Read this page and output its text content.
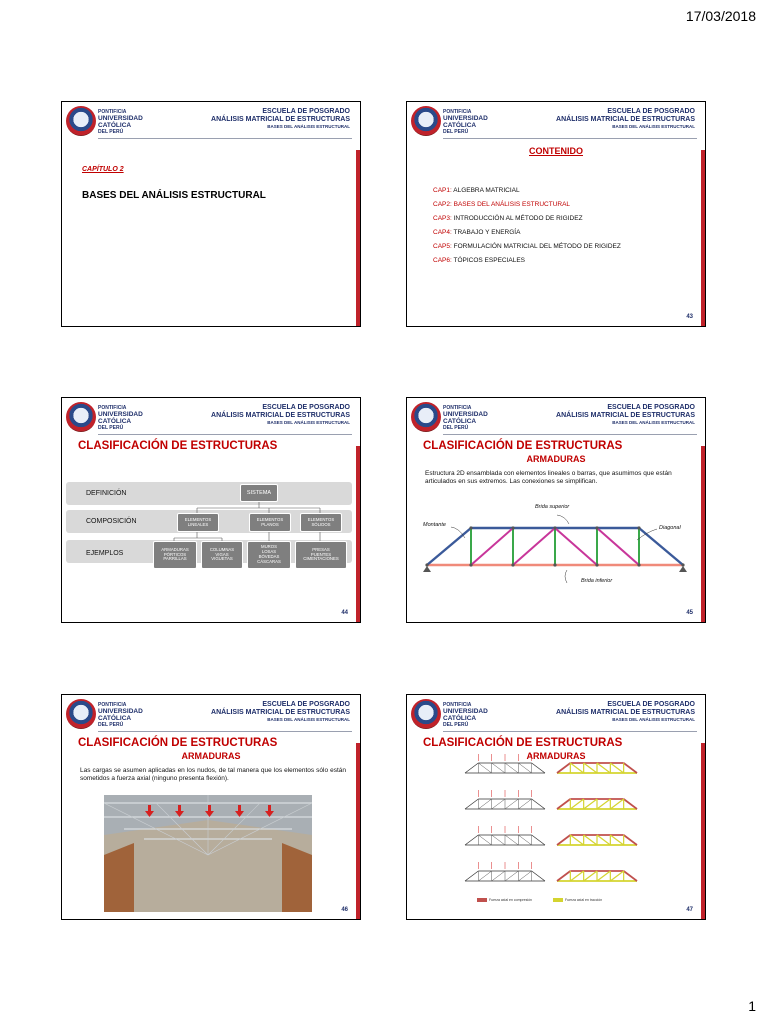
17/03/2018
PONTIFICIA
UNIVERSIDAD
CATÓLICA
DEL PERÚ
ESCUELA DE POSGRADO
ANÁLISIS MATRICIAL DE ESTRUCTURAS
BASES DEL ANÁLISIS ESTRUCTURAL
CAPÍTULO 2
BASES DEL ANÁLISIS ESTRUCTURAL
PONTIFICIA
UNIVERSIDAD
CATÓLICA
DEL PERÚ
ESCUELA DE POSGRADO
ANÁLISIS MATRICIAL DE ESTRUCTURAS
BASES DEL ANÁLISIS ESTRUCTURAL
CONTENIDO
CAP1: ALGEBRA MATRICIAL
CAP2: BASES DEL ANÁLISIS ESTRUCTURAL
CAP3: INTRODUCCIÓN AL MÉTODO DE RIGIDEZ
CAP4: TRABAJO Y ENERGÍA
CAP5: FORMULACIÓN MATRICIAL DEL MÉTODO DE RIGIDEZ
CAP6: TÓPICOS ESPECIALES
43
PONTIFICIA
UNIVERSIDAD
CATÓLICA
DEL PERÚ
ESCUELA DE POSGRADO
ANÁLISIS MATRICIAL DE ESTRUCTURAS
BASES DEL ANÁLISIS ESTRUCTURAL
CLASIFICACIÓN DE ESTRUCTURAS
DEFINICIÓN
COMPOSICIÓN
EJEMPLOS
SISTEMA
ELEMENTOS
LINEALES
ELEMENTOS
PLANOS
ELEMENTOS
SÓLIDOS
ARMADURAS
PÓRTICOS
PARRILLAS
COLUMNAS
VIGAS
VIGUETAS
MUROS
LOSAS
BÓVEDAS
CÁSCARAS
PRESAS
PUENTES
CIMENTACIONES
44
PONTIFICIA
UNIVERSIDAD
CATÓLICA
DEL PERÚ
ESCUELA DE POSGRADO
ANÁLISIS MATRICIAL DE ESTRUCTURAS
BASES DEL ANÁLISIS ESTRUCTURAL
CLASIFICACIÓN DE ESTRUCTURAS
ARMADURAS
Estructura 2D ensamblada con elementos lineales o barras, que asumimos que están articulados en sus extremos. Las conexiones se simplifican.
Brida superior
Montante	Diagonal
Brida inferior
45
PONTIFICIA
UNIVERSIDAD
CATÓLICA
DEL PERÚ
ESCUELA DE POSGRADO
ANÁLISIS MATRICIAL DE ESTRUCTURAS
BASES DEL ANÁLISIS ESTRUCTURAL
CLASIFICACIÓN DE ESTRUCTURAS
ARMADURAS
Las cargas se asumen aplicadas en los nudos, de tal manera que los elementos sólo están sometidos a fuerza axial (ninguno presenta flexión).
46
PONTIFICIA
UNIVERSIDAD
CATÓLICA
DEL PERÚ
ESCUELA DE POSGRADO
ANÁLISIS MATRICIAL DE ESTRUCTURAS
BASES DEL ANÁLISIS ESTRUCTURAL
CLASIFICACIÓN DE ESTRUCTURAS
ARMADURAS
Fuerza axial en compresión	Fuerza axial en tracción
47
1
